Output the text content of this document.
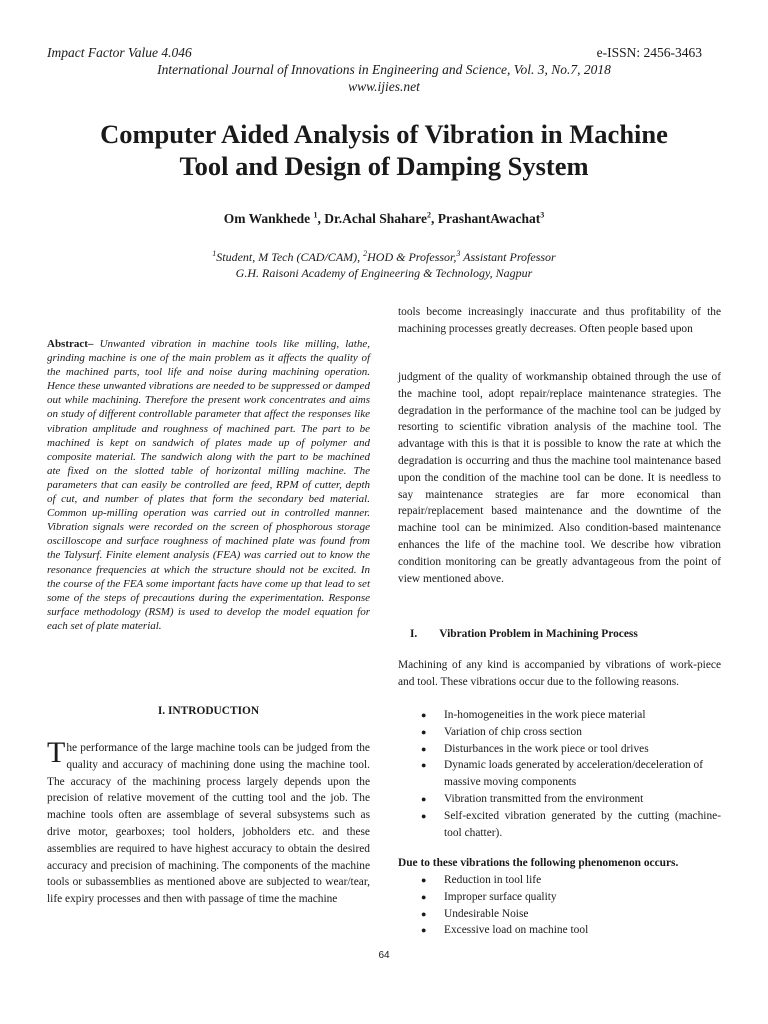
Impact Factor Value 4.046	e-ISSN: 2456-3463
International Journal of Innovations in Engineering and Science, Vol. 3, No.7, 2018
www.ijies.net
Computer Aided Analysis of Vibration in Machine
Tool and Design of Damping System
Om Wankhede $^1$, Dr.Achal Shahare$^2$, PrashantAwachat$^3$
$^1$Student, M Tech (CAD/CAM), $^2$HOD & Professor,$^3$ Assistant Professor
G.H. Raisoni Academy of Engineering & Technology, Nagpur
Abstract– Unwanted vibration in machine tools like milling, lathe, grinding machine is one of the main problem as it affects the quality of the machined parts, tool life and noise during machining operation. Hence these unwanted vibrations are needed to be suppressed or damped out while machining. Therefore the present work concentrates and aims on study of different controllable parameter that affect the responses like vibration amplitude and roughness of machined part. The part to be machined is kept on sandwich of plates made up of polymer and composite material. The sandwich along with the part to be machined ate fixed on the slotted table of horizontal milling machine. The parameters that can easily be controlled are feed, RPM of cutter, depth of cut, and number of plates that form the secondary bed material. Common up-milling operation was carried out in controlled manner. Vibration signals were recorded on the screen of phosphorous storage oscilloscope and surface roughness of machined plate was found from the Talysurf. Finite element analysis (FEA) was carried out to know the resonance frequencies at which the structure should not be excited. In the course of the FEA some important facts have come up that lead to set some of the steps of precautions during the experimentation. Response surface methodology (RSM) is used to develop the model equation for each set of plate material.
I. INTRODUCTION
The performance of the large machine tools can be judged from the quality and accuracy of machining done using the machine tool. The accuracy of the machining process largely depends upon the precision of relative movement of the cutting tool and the job. The machine tools often are assemblage of several subsystems such as drive motor, gearboxes; tool holders, jobholders etc. and these assemblies are required to have highest accuracy to obtain the desired accuracy and precision of machining. The components of the machine tools or subassemblies as mentioned above are subjected to wear/tear, life expiry processes and then with passage of time the machine
tools become increasingly inaccurate and thus profitability of the machining processes greatly decreases. Often people based upon
judgment of the quality of workmanship obtained through the use of the machine tool, adopt repair/replace maintenance strategies. The degradation in the performance of the machine tool can be judged by resorting to scientific vibration analysis of the machine tool. The advantage with this is that it is possible to know the rate at which the degradation is occurring and thus the machine tool maintenance based upon the condition of the machine tool can be done. It is needless to say maintenance strategies are far more economical than repair/replacement based maintenance and the downtime of the machine tool can be minimized. Also condition-based maintenance enhances the life of the machine tool. We describe how vibration condition monitoring can be greatly advantageous from the point of view mentioned above.
I. Vibration Problem in Machining Process
Machining of any kind is accompanied by vibrations of work-piece and tool. These vibrations occur due to the following reasons.
● In-homogeneities in the work piece material
● Variation of chip cross section
● Disturbances in the work piece or tool drives
● Dynamic loads generated by acceleration/deceleration of massive moving components
● Vibration transmitted from the environment
● Self-excited vibration generated by the cutting (machine-tool chatter).
Due to these vibrations the following phenomenon occurs.
● Reduction in tool life
● Improper surface quality
● Undesirable Noise
● Excessive load on machine tool
64
